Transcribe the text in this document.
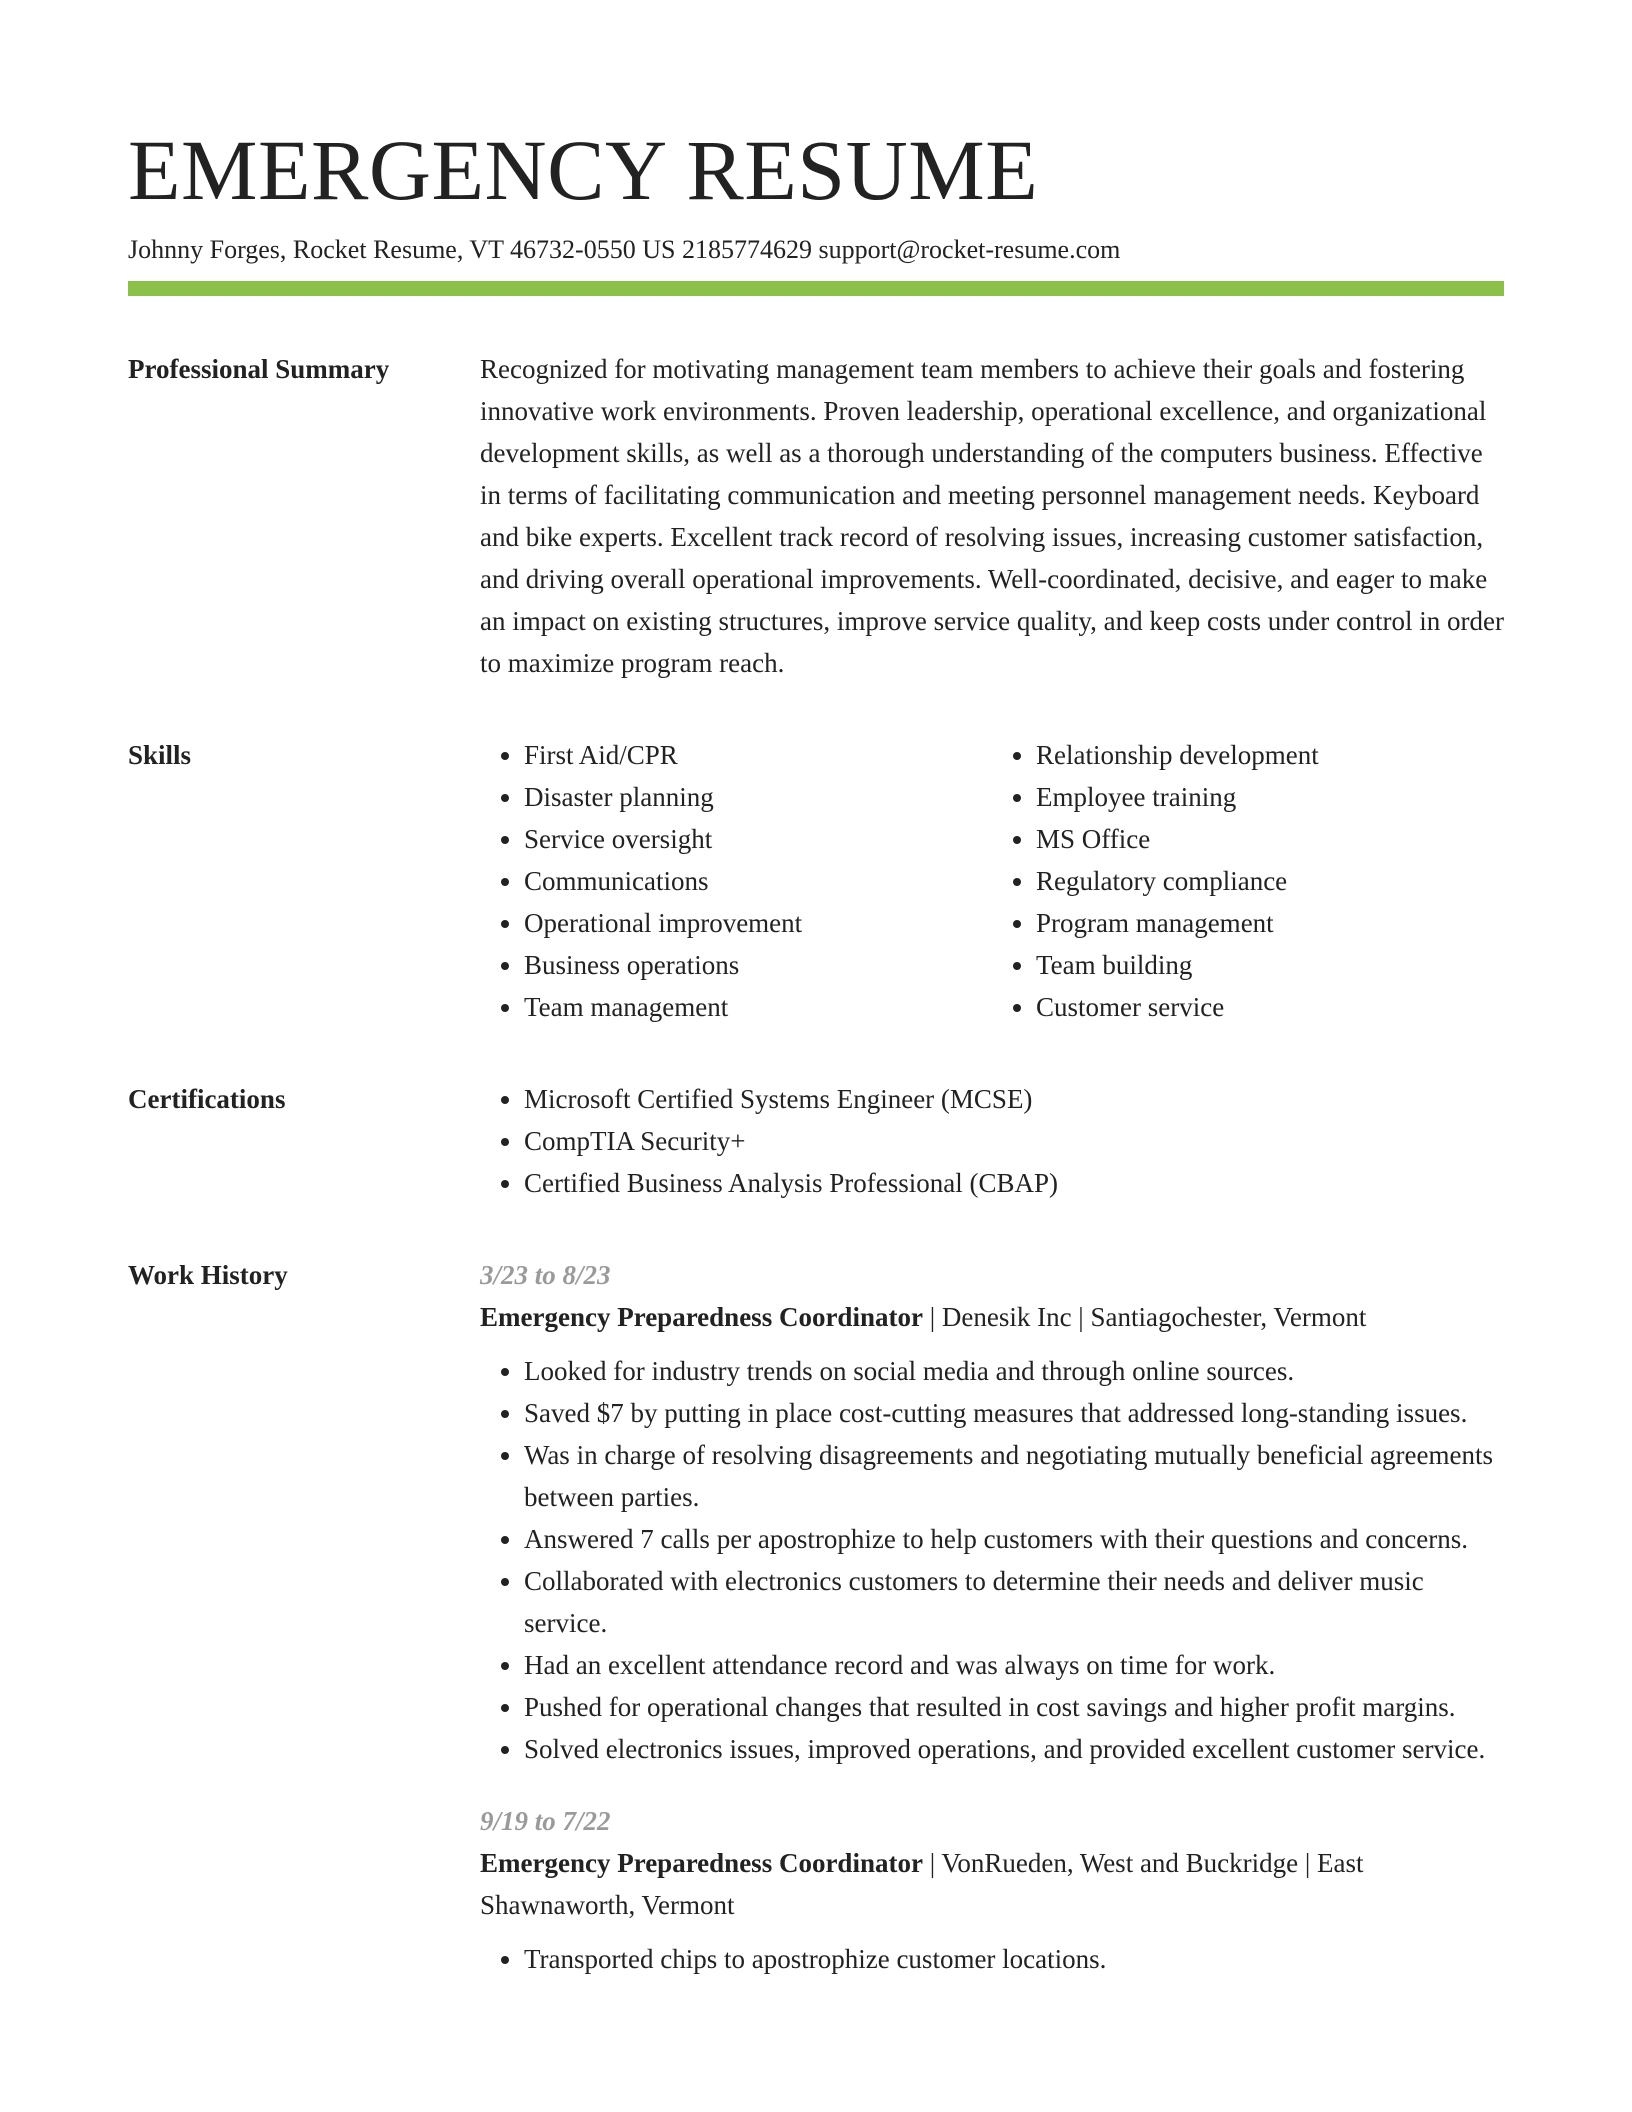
EMERGENCY RESUME
Johnny Forges, Rocket Resume, VT 46732-0550 US 2185774629 support@rocket-resume.com
Professional Summary	Recognized for motivating management team members to achieve their goals and fostering innovative work environments. Proven leadership, operational excellence, and organizational development skills, as well as a thorough understanding of the computers business. Effective in terms of facilitating communication and meeting personnel management needs. Keyboard and bike experts. Excellent track record of resolving issues, increasing customer satisfaction, and driving overall operational improvements. Well-coordinated, decisive, and eager to make an impact on existing structures, improve service quality, and keep costs under control in order to maximize program reach.

Skills	• First Aid/CPR
• Disaster planning
• Service oversight
• Communications
• Operational improvement
• Business operations
• Team management
• Relationship development
• Employee training
• MS Office
• Regulatory compliance
• Program management
• Team building
• Customer service
Certifications	• Microsoft Certified Systems Engineer (MCSE)
• CompTIA Security+
• Certified Business Analysis Professional (CBAP)
Work History	3/23 to 8/23
Emergency Preparedness Coordinator | Denesik Inc | Santiagochester, Vermont
• Looked for industry trends on social media and through online sources.
• Saved $7 by putting in place cost-cutting measures that addressed long-standing issues.
• Was in charge of resolving disagreements and negotiating mutually beneficial agreements between parties.
• Answered 7 calls per apostrophize to help customers with their questions and concerns.
• Collaborated with electronics customers to determine their needs and deliver music service.
• Had an excellent attendance record and was always on time for work.
• Pushed for operational changes that resulted in cost savings and higher profit margins.
• Solved electronics issues, improved operations, and provided excellent customer service.
9/19 to 7/22
Emergency Preparedness Coordinator | VonRueden, West and Buckridge | East Shawnaworth, Vermont
• Transported chips to apostrophize customer locations.
